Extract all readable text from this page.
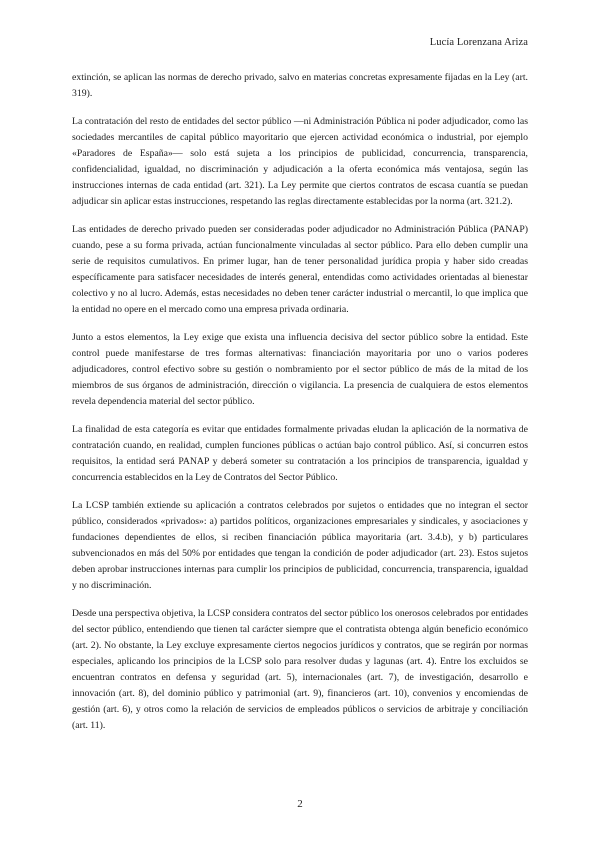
Lucía Lorenzana Ariza

extinción, se aplican las normas de derecho privado, salvo en materias concretas expresamente fijadas en la Ley (art. 319).

La contratación del resto de entidades del sector público —ni Administración Pública ni poder adjudicador, como las sociedades mercantiles de capital público mayoritario que ejercen actividad económica o industrial, por ejemplo «Paradores de España»— solo está sujeta a los principios de publicidad, concurrencia, transparencia, confidencialidad, igualdad, no discriminación y adjudicación a la oferta económica más ventajosa, según las instrucciones internas de cada entidad (art. 321). La Ley permite que ciertos contratos de escasa cuantía se puedan adjudicar sin aplicar estas instrucciones, respetando las reglas directamente establecidas por la norma (art. 321.2).

Las entidades de derecho privado pueden ser consideradas poder adjudicador no Administración Pública (PANAP) cuando, pese a su forma privada, actúan funcionalmente vinculadas al sector público. Para ello deben cumplir una serie de requisitos cumulativos. En primer lugar, han de tener personalidad jurídica propia y haber sido creadas específicamente para satisfacer necesidades de interés general, entendidas como actividades orientadas al bienestar colectivo y no al lucro. Además, estas necesidades no deben tener carácter industrial o mercantil, lo que implica que la entidad no opere en el mercado como una empresa privada ordinaria.

Junto a estos elementos, la Ley exige que exista una influencia decisiva del sector público sobre la entidad. Este control puede manifestarse de tres formas alternativas: financiación mayoritaria por uno o varios poderes adjudicadores, control efectivo sobre su gestión o nombramiento por el sector público de más de la mitad de los miembros de sus órganos de administración, dirección o vigilancia. La presencia de cualquiera de estos elementos revela dependencia material del sector público.

La finalidad de esta categoría es evitar que entidades formalmente privadas eludan la aplicación de la normativa de contratación cuando, en realidad, cumplen funciones públicas o actúan bajo control público. Así, si concurren estos requisitos, la entidad será PANAP y deberá someter su contratación a los principios de transparencia, igualdad y concurrencia establecidos en la Ley de Contratos del Sector Público.

La LCSP también extiende su aplicación a contratos celebrados por sujetos o entidades que no integran el sector público, considerados «privados»: a) partidos políticos, organizaciones empresariales y sindicales, y asociaciones y fundaciones dependientes de ellos, si reciben financiación pública mayoritaria (art. 3.4.b), y b) particulares subvencionados en más del 50% por entidades que tengan la condición de poder adjudicador (art. 23). Estos sujetos deben aprobar instrucciones internas para cumplir los principios de publicidad, concurrencia, transparencia, igualdad y no discriminación.

Desde una perspectiva objetiva, la LCSP considera contratos del sector público los onerosos celebrados por entidades del sector público, entendiendo que tienen tal carácter siempre que el contratista obtenga algún beneficio económico (art. 2). No obstante, la Ley excluye expresamente ciertos negocios jurídicos y contratos, que se regirán por normas especiales, aplicando los principios de la LCSP solo para resolver dudas y lagunas (art. 4). Entre los excluidos se encuentran contratos en defensa y seguridad (art. 5), internacionales (art. 7), de investigación, desarrollo e innovación (art. 8), del dominio público y patrimonial (art. 9), financieros (art. 10), convenios y encomiendas de gestión (art. 6), y otros como la relación de servicios de empleados públicos o servicios de arbitraje y conciliación (art. 11).

2
